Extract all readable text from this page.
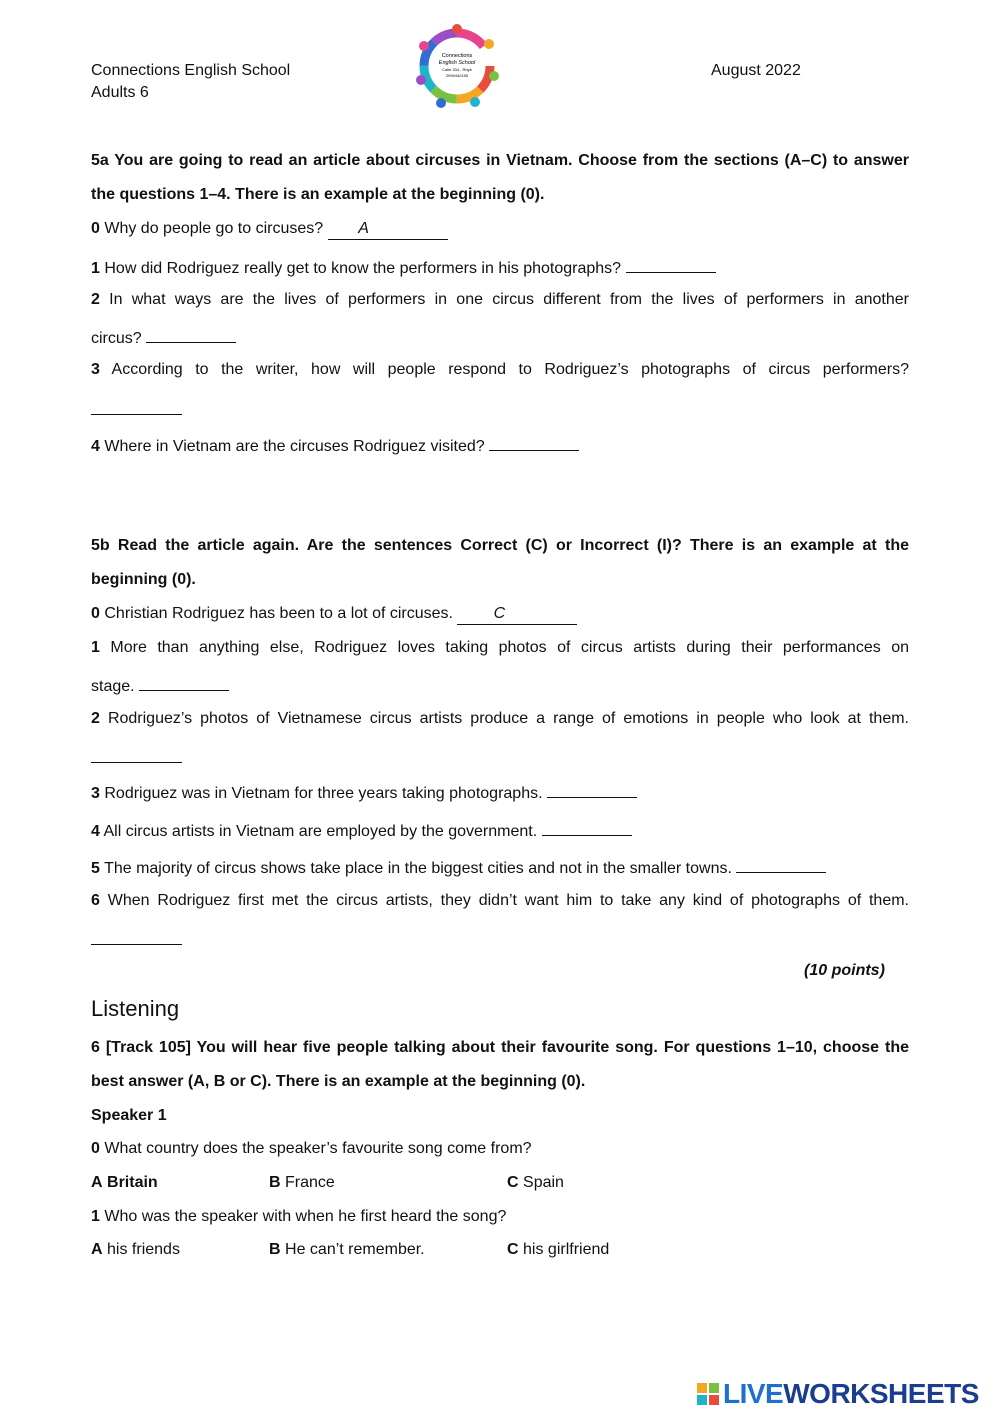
Connections English School
Adults 6
August 2022
Connections
English School
Calle 334 - Rhye
2994442155
5a You are going to read an article about circuses in Vietnam. Choose from the sections (A–C) to answer
the questions 1–4. There is an example at the beginning (0).
0 Why do people go to circuses? A
1 How did Rodriguez really get to know the performers in his photographs?
2 In what ways are the lives of performers in one circus different from the lives of performers in another
circus?
3 According to the writer, how will people respond to Rodriguez’s photographs of circus performers?
4 Where in Vietnam are the circuses Rodriguez visited?
5b Read the article again. Are the sentences Correct (C) or Incorrect (I)? There is an example at the
beginning (0).
0 Christian Rodriguez has been to a lot of circuses.	C
1 More than anything else, Rodriguez loves taking photos of circus artists during their performances on
stage.
2 Rodriguez’s photos of Vietnamese circus artists produce a range of emotions in people who look at them.
3 Rodriguez was in Vietnam for three years taking photographs.
4 All circus artists in Vietnam are employed by the government.
5 The majority of circus shows take place in the biggest cities and not in the smaller towns.
6 When Rodriguez first met the circus artists, they didn’t want him to take any kind of photographs of them.
(10 points)
Listening
6 [Track 105] You will hear five people talking about their favourite song. For questions 1–10, choose the
best answer (A, B or C). There is an example at the beginning (0).
Speaker 1
0 What country does the speaker’s favourite song come from?
A Britain	B France	C Spain
1 Who was the speaker with when he first heard the song?
A his friends	B He can’t remember.	C his girlfriend
LIVE WORKSHEETS
